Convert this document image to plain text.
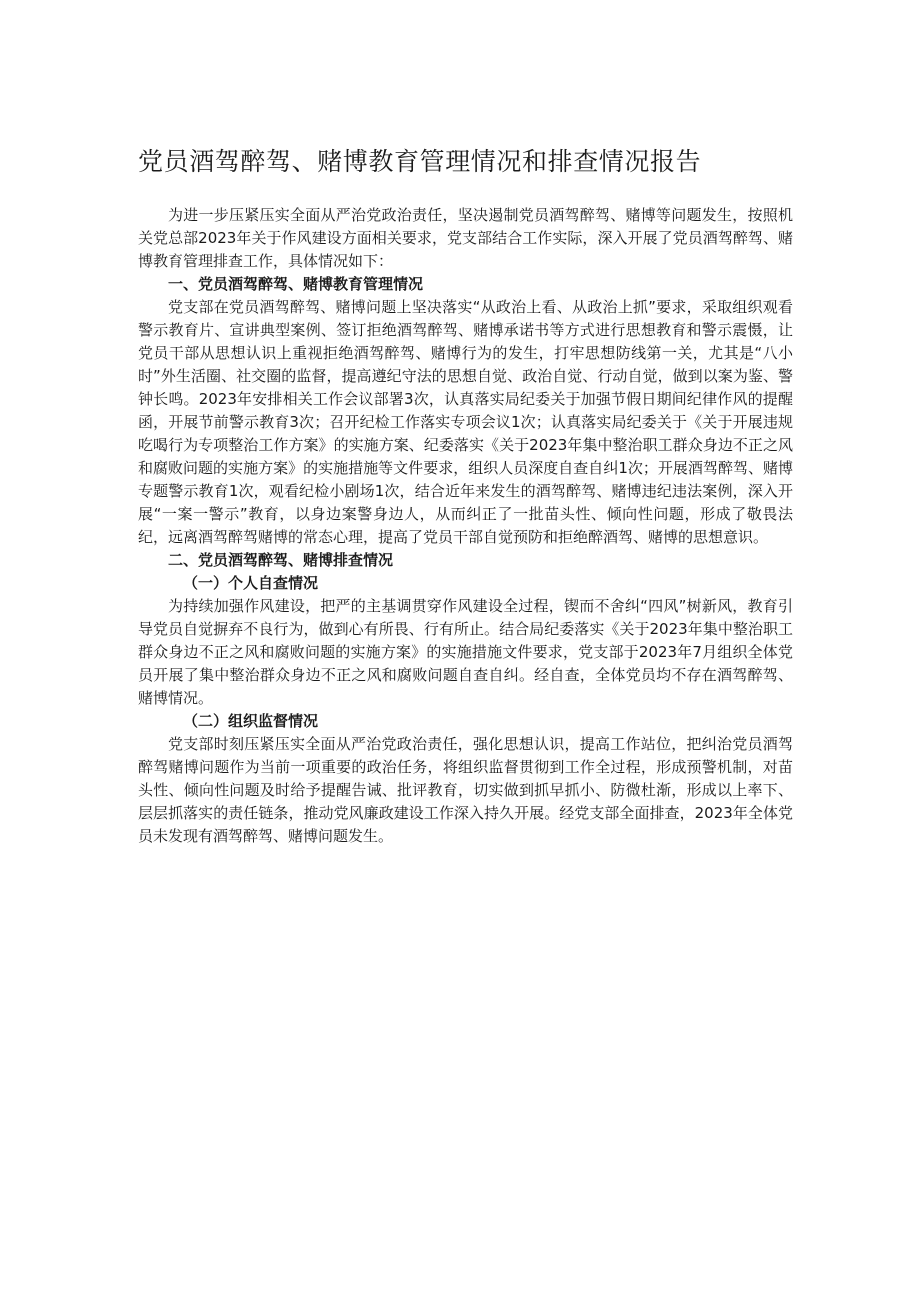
党员酒驾醉驾、赌博教育管理情况和排查情况报告

为进一步压紧压实全面从严治党政治责任，坚决遏制党员酒驾醉驾、赌博等问题发生，按照机关党总部2023年关于作风建设方面相关要求，党支部结合工作实际，深入开展了党员酒驾醉驾、赌博教育管理排查工作，具体情况如下：

一、党员酒驾醉驾、赌博教育管理情况

党支部在党员酒驾醉驾、赌博问题上坚决落实“从政治上看、从政治上抓”要求，采取组织观看警示教育片、宣讲典型案例、签订拒绝酒驾醉驾、赌博承诺书等方式进行思想教育和警示震慑，让党员干部从思想认识上重视拒绝酒驾醉驾、赌博行为的发生，打牢思想防线第一关，尤其是“八小时”外生活圈、社交圈的监督，提高遵纪守法的思想自觉、政治自觉、行动自觉，做到以案为鉴、警钟长鸣。2023年安排相关工作会议部署3次，认真落实局纪委关于加强节假日期间纪律作风的提醒函，开展节前警示教育3次；召开纪检工作落实专项会议1次；认真落实局纪委关于《关于开展违规吃喝行为专项整治工作方案》的实施方案、纪委落实《关于2023年集中整治职工群众身边不正之风和腐败问题的实施方案》的实施措施等文件要求，组织人员深度自查自纠1次；开展酒驾醉驾、赌博专题警示教育1次，观看纪检小剧场1次，结合近年来发生的酒驾醉驾、赌博违纪违法案例，深入开展“一案一警示”教育，以身边案警身边人，从而纠正了一批苗头性、倾向性问题，形成了敬畏法纪，远离酒驾醉驾赌博的常态心理，提高了党员干部自觉预防和拒绝醉酒驾、赌博的思想意识。

二、党员酒驾醉驾、赌博排查情况

（一）个人自查情况

为持续加强作风建设，把严的主基调贯穿作风建设全过程，锲而不舍纠“四风”树新风，教育引导党员自觉摒弃不良行为，做到心有所畏、行有所止。结合局纪委落实《关于2023年集中整治职工群众身边不正之风和腐败问题的实施方案》的实施措施文件要求，党支部于2023年7月组织全体党员开展了集中整治群众身边不正之风和腐败问题自查自纠。经自查，全体党员均不存在酒驾醉驾、赌博情况。

（二）组织监督情况

党支部时刻压紧压实全面从严治党政治责任，强化思想认识，提高工作站位，把纠治党员酒驾醉驾赌博问题作为当前一项重要的政治任务，将组织监督贯彻到工作全过程，形成预警机制，对苗头性、倾向性问题及时给予提醒告诫、批评教育，切实做到抓早抓小、防微杜渐，形成以上率下、层层抓落实的责任链条，推动党风廉政建设工作深入持久开展。经党支部全面排查，2023年全体党员未发现有酒驾醉驾、赌博问题发生。
